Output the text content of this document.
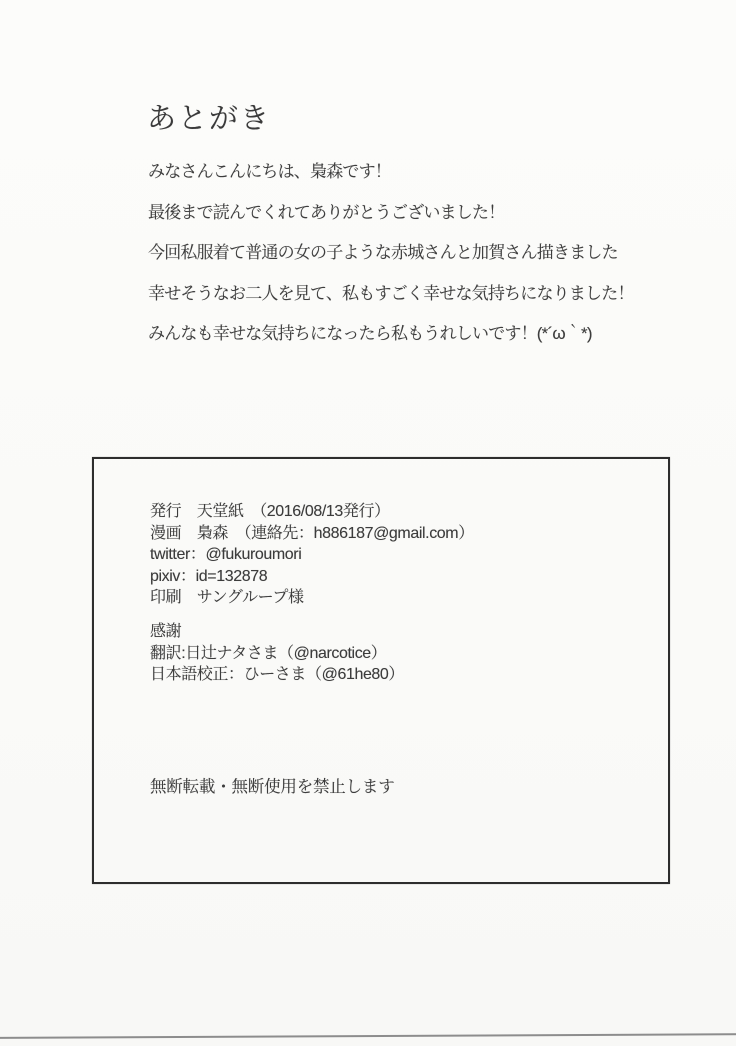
あとがき
みなさんこんにちは、梟森です！
最後まで読んでくれてありがとうございました！
今回私服着て普通の女の子ような赤城さんと加賀さん描きました
幸せそうなお二人を見て、私もすごく幸せな気持ちになりました！
みんなも幸せな気持ちになったら私もうれしいです！(*´ω｀*)
発行　天堂紙　（2016/08/13発行）
漫画　梟森　（連絡先：h886187@gmail.com）
twitter：@fukuroumori
pixiv：id=132878
印刷　サングループ様
感謝
翻訳:日辻ナタさま（@narcotice）
日本語校正：ひーさま（@61he80）
無断転載・無断使用を禁止します
